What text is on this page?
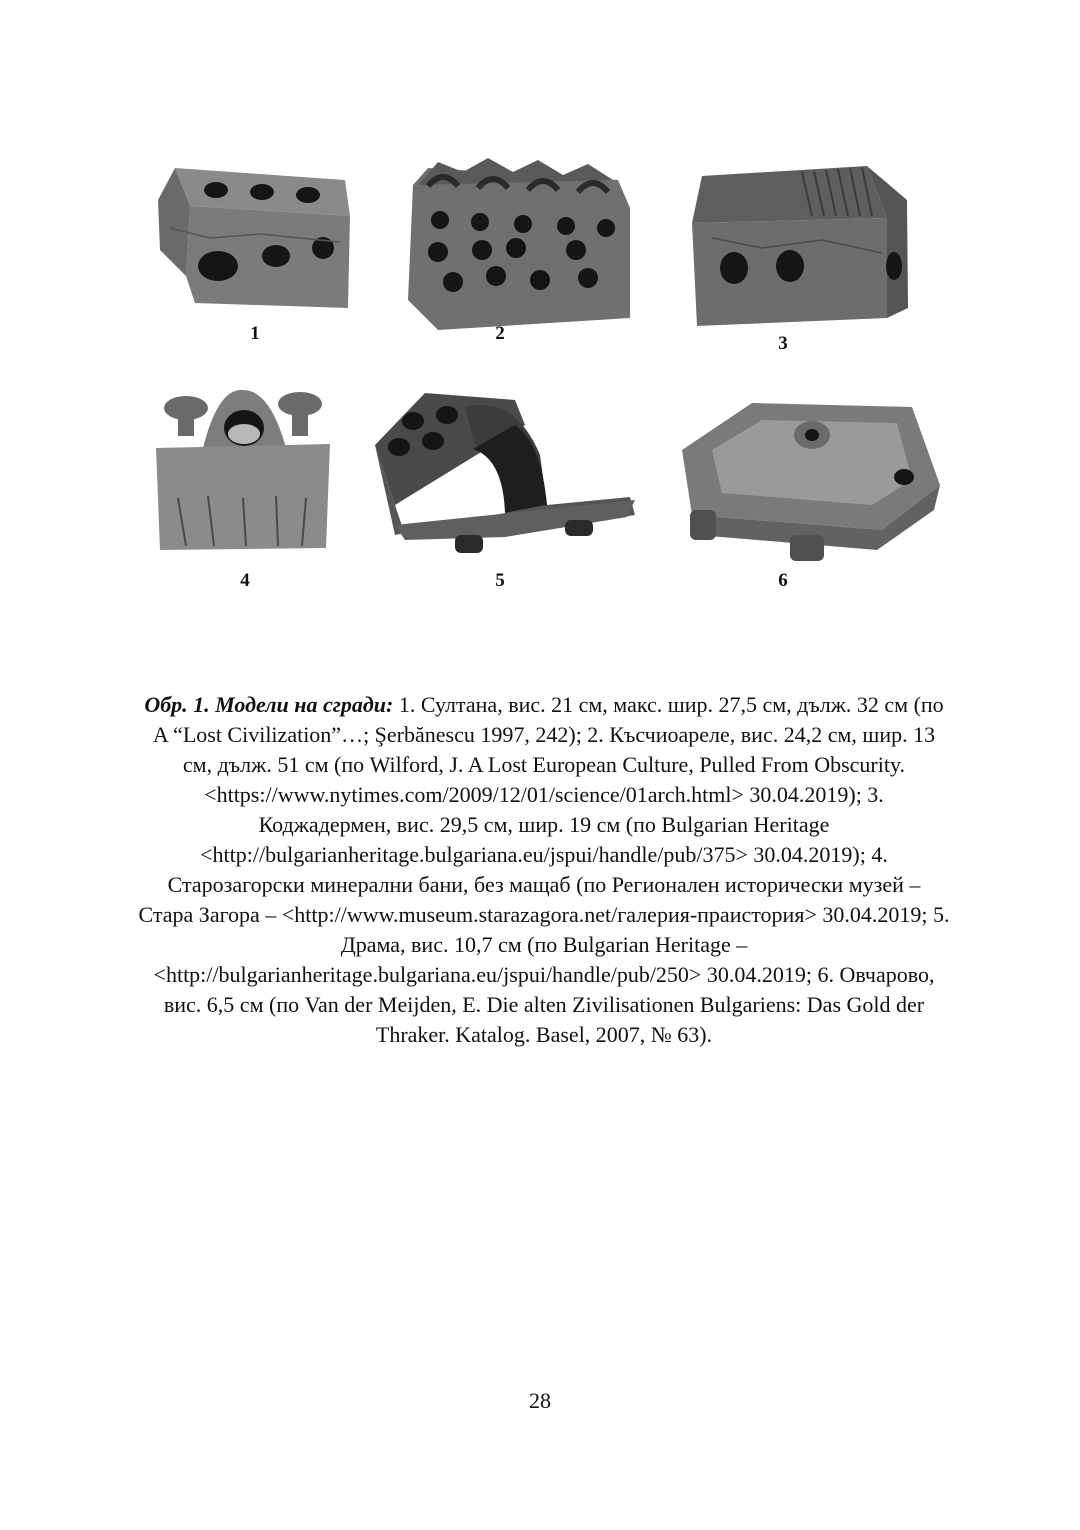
1	2	3
4	5	6
Обр. 1. Модели на сгради: 1. Султана, вис. 21 см, макс. шир. 27,5 см, дълж. 32 см (по A “Lost Civilization”…; Şerbănescu 1997, 242); 2. Късчиоареле, вис. 24,2 см, шир. 13 см, дълж. 51 см (по Wilford, J. A Lost European Culture, Pulled From Obscurity. <https://www.nytimes.com/2009/12/01/science/01arch.html> 30.04.2019); 3. Коджадермен, вис. 29,5 см, шир. 19 см (по Bulgarian Heritage <http://bulgarianheritage.bulgariana.eu/jspui/handle/pub/375> 30.04.2019); 4. Старозагорски минерални бани, без мащаб (по Регионален исторически музей – Стара Загора – <http://www.museum.starazagora.net/галерия-праистория> 30.04.2019; 5. Драма, вис. 10,7 см (по Bulgarian Heritage – <http://bulgarianheritage.bulgariana.eu/jspui/handle/pub/250> 30.04.2019; 6. Овчарово, вис. 6,5 см (по Van der Meijden, E. Die alten Zivilisationen Bulgariens: Das Gold der Thraker. Katalog. Basel, 2007, № 63).
28
